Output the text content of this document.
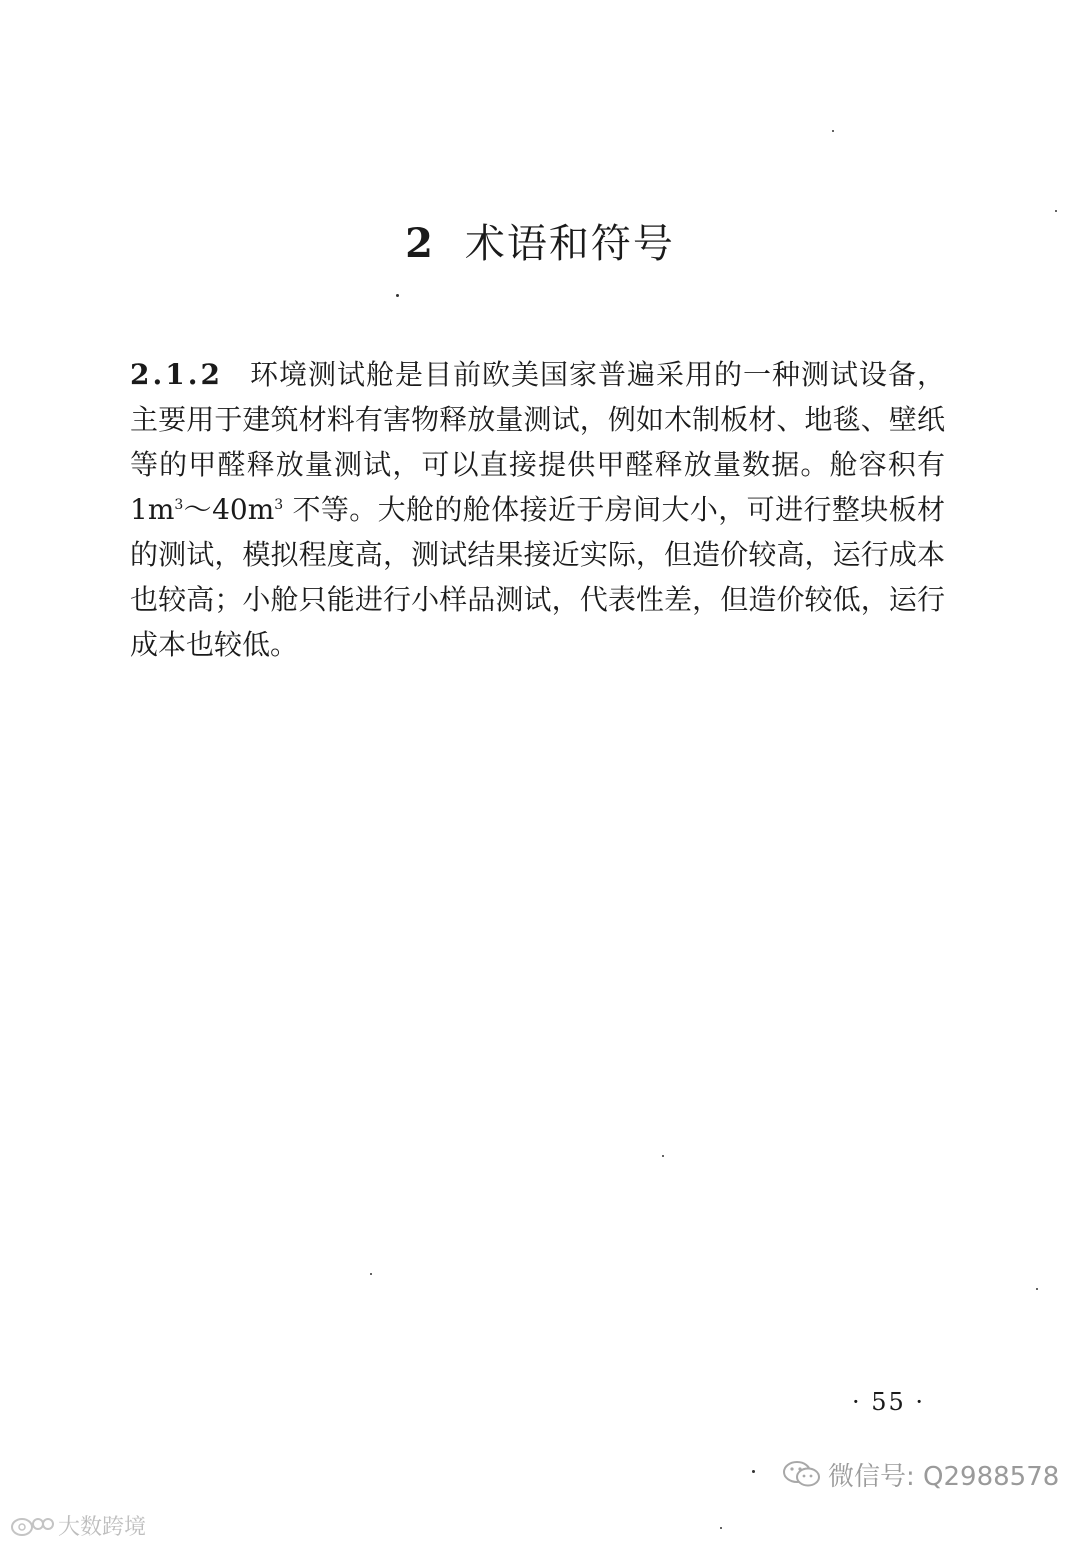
2 术语和符号

2.1.2 环境测试舱是目前欧美国家普遍采用的一种测试设备，主要用于建筑材料有害物释放量测试，例如木制板材、地毯、壁纸等的甲醛释放量测试，可以直接提供甲醛释放量数据。舱容积有 $1m^3\sim 40m^3$ 不等。大舱的舱体接近于房间大小，可进行整块板材的测试，模拟程度高，测试结果接近实际，但造价较高，运行成本也较高；小舱只能进行小样品测试，代表性差，但造价较低，运行成本也较低。

· 55 ·
微信号: Q2988578
大数跨境
